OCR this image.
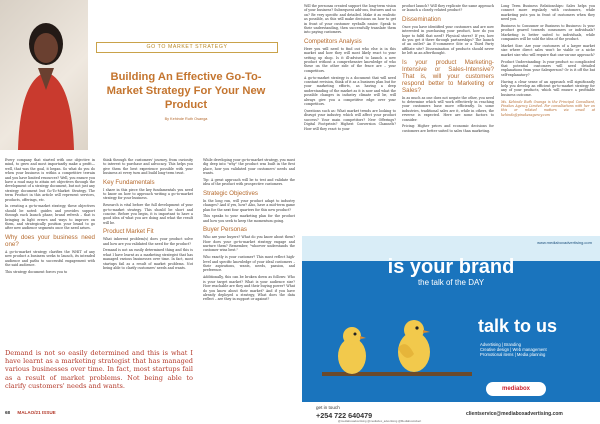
GO TO MARKET STRATEGY
Building An Effective Go-To-Market Strategy For Your New Product
By Kehinde Ruth Osanga

Every company that started with one objective in mind, to grow and most importantly make a profit—well, that was the goal, it began. So what do you do when your business is within a competitive terrain and you have limited resources? Well, you ensure you have a road map to attain set objectives through the development of a strategy document, but not just any strategy document but Go-To-Market Strategy. The term Product in this article will represent services, products, offerings, etc.

In creating a go-to-market strategy, these objectives should be noted: guides and provides support through each launch phase, brand refresh – that is bringing in light errors and ways to improve on them, and strategically position your brand to go after new audience segments once the need arises.

Why does your business need one?

A go-to-market strategy clarifies the WHIT of any new product a business seeks to launch, its intended audience and paths to successful engagement with the said audience.

This strategy document forces you to

think through the customers' journey, from curiosity to interest to purchase and advocacy. This helps you give them the best experience possible with your business at every turn and build long-term trust.

Key Fundamentals

I share in this piece the key fundamentals you need to know on how to approach writing a go-to-market strategy for your business.

Research is vital before the full development of your go-to-market strategy. This should be short and concise. Before you begin, it is important to have a good idea of what you are doing and what the result will be.

Product Market Fit

What inherent problem(s) does your product solve and how are you validated the need for the product?

Demand is not an easily determined thing and this is what I have learnt as a marketing strategist that has managed various businesses over time. In fact, most startups fail as a result of market problems. Not being able to clarify customers' needs and wants.

While developing your go-to-market strategy, you must dig deep into "why" the product was built in the first place, how you validated your customers' needs and wants.

Tip: A great approach will be to test and validate the idea of the product with prospective customers.

Strategic Objectives

In the long run, will your product adapt to industry changes? And if yes, how? Also, have a mid-term game plan for the next four quarters for this new product?

This speaks to your marketing plan for the product and how you seek to keep the momentum going.

Buyer Personas

Who are your buyers? What do you know about them? How does your go-to-market strategy engage and nurture them? Remember, "whoever understands the customer wins best."

Who exactly is your customer? This must reflect high-level and specific knowledge of your ideal customers – their aspirations, wants, needs, passion, and preference.

Additionally, this can be broken down as follows: Who is your target market? What is your audience size? How reachable are they and their buying power? What do you know about their market? And if you have already deployed a strategy, What does the data reflect – are they in support or against?

Will the personas created support the long-term vision of your business? Subsequent add-ons, features and so on? Be very specific and detailed. Make it as realistic as possible, as this will make decisions on how to get in front of your customer eyeballs easier. Speak to their understanding, then successfully translate them into paying customers.

Competitors Analysis

Here you will need to find out who else is in this market and how they will most likely react to your setting up shop. Is it ill-advised to launch a new product without a comprehensive knowledge of who these on the other side of the fence are – your competitors.

A go-to-market strategy is a document that will need constant revision, think of it as a business plan but for your marketing efforts, as having a deep understanding of the market as it is now and what the possible changes in industry climate will be, will always give you a competitive edge over your competitors.

Questions such as: What market trends are looking to disrupt your industry, which will affect your product success? Your main competitors? New Offerings? Digital Footprints? Highest Conversion Channels? How will they react to your

product launch? Will they replicate the same approach or launch a closely related product?

Dissemination

Once you have identified your customers and are now interested in purchasing your product, how do you hope to fulfil that need? Physical stores? If yes, how do you get it there through partnerships? The launch of an outlet? An E-commerce Site or a Third Party affiliate site? Dissemination of products should never be left as an afterthought.

Is your product Marketing-Intensive or Sales-Intensive? That is, will your customers respond better to Marketing or Sales?

In as much as one does not negate the other, you need to determine which will work effectively in reaching your customers base more efficiently. In some industries, traditional sales are it, while in others, the reverse is expected. Here are some factors to consider:

Pricing: Higher prices and economic decisions for customers are better suited to sales than marketing.

Long Term Business Relationships: Sales helps you connect more regularly with customers, while marketing puts you in front of customers when they need you.

Business to Consumer or Business to Business: Is your product geared towards consumers or individuals? Marketing is better suited to individuals, while companies will be sold the idea of the product.

Market Size: Are your customers of a larger market size where direct sales won't be viable or a niche market size who will require that one-on-one approach?

Product Understanding: Is your product so complicated that potential customers will need detailed explanations from your Salesperson? Or is it off the bat self-explanatory?

Having a clear sense of an approach will significantly help you develop an efficient go-to-market strategy for any of your products, which will ensure a profitable business outcome.

Ms. Kehinde Ruth Osanga is the Principal Consultant, Pinakes Agency Limited. For consultations with her on this or related matters via email at kehinde@pinakesagency.com

Demand is not so easily determined and this is what I have learnt as a marketing strategist that has managed various businesses over time. In fact, most startups fail as a result of market problems. Not being able to clarify customers' needs and wants.
68 MALAO/21 ISSUE
www.mediaboxadvertising.com
is your brand
the talk of the DAY
talk to us
Advertising | Branding
Creative design | Web management
Promotional items | Media planning
mediabox
get in touch
+254 722 640479	clientservice@mediaboxadvertising.com
@mediaboxadvertising @mediabox_advertising @MediaboxAdvert
